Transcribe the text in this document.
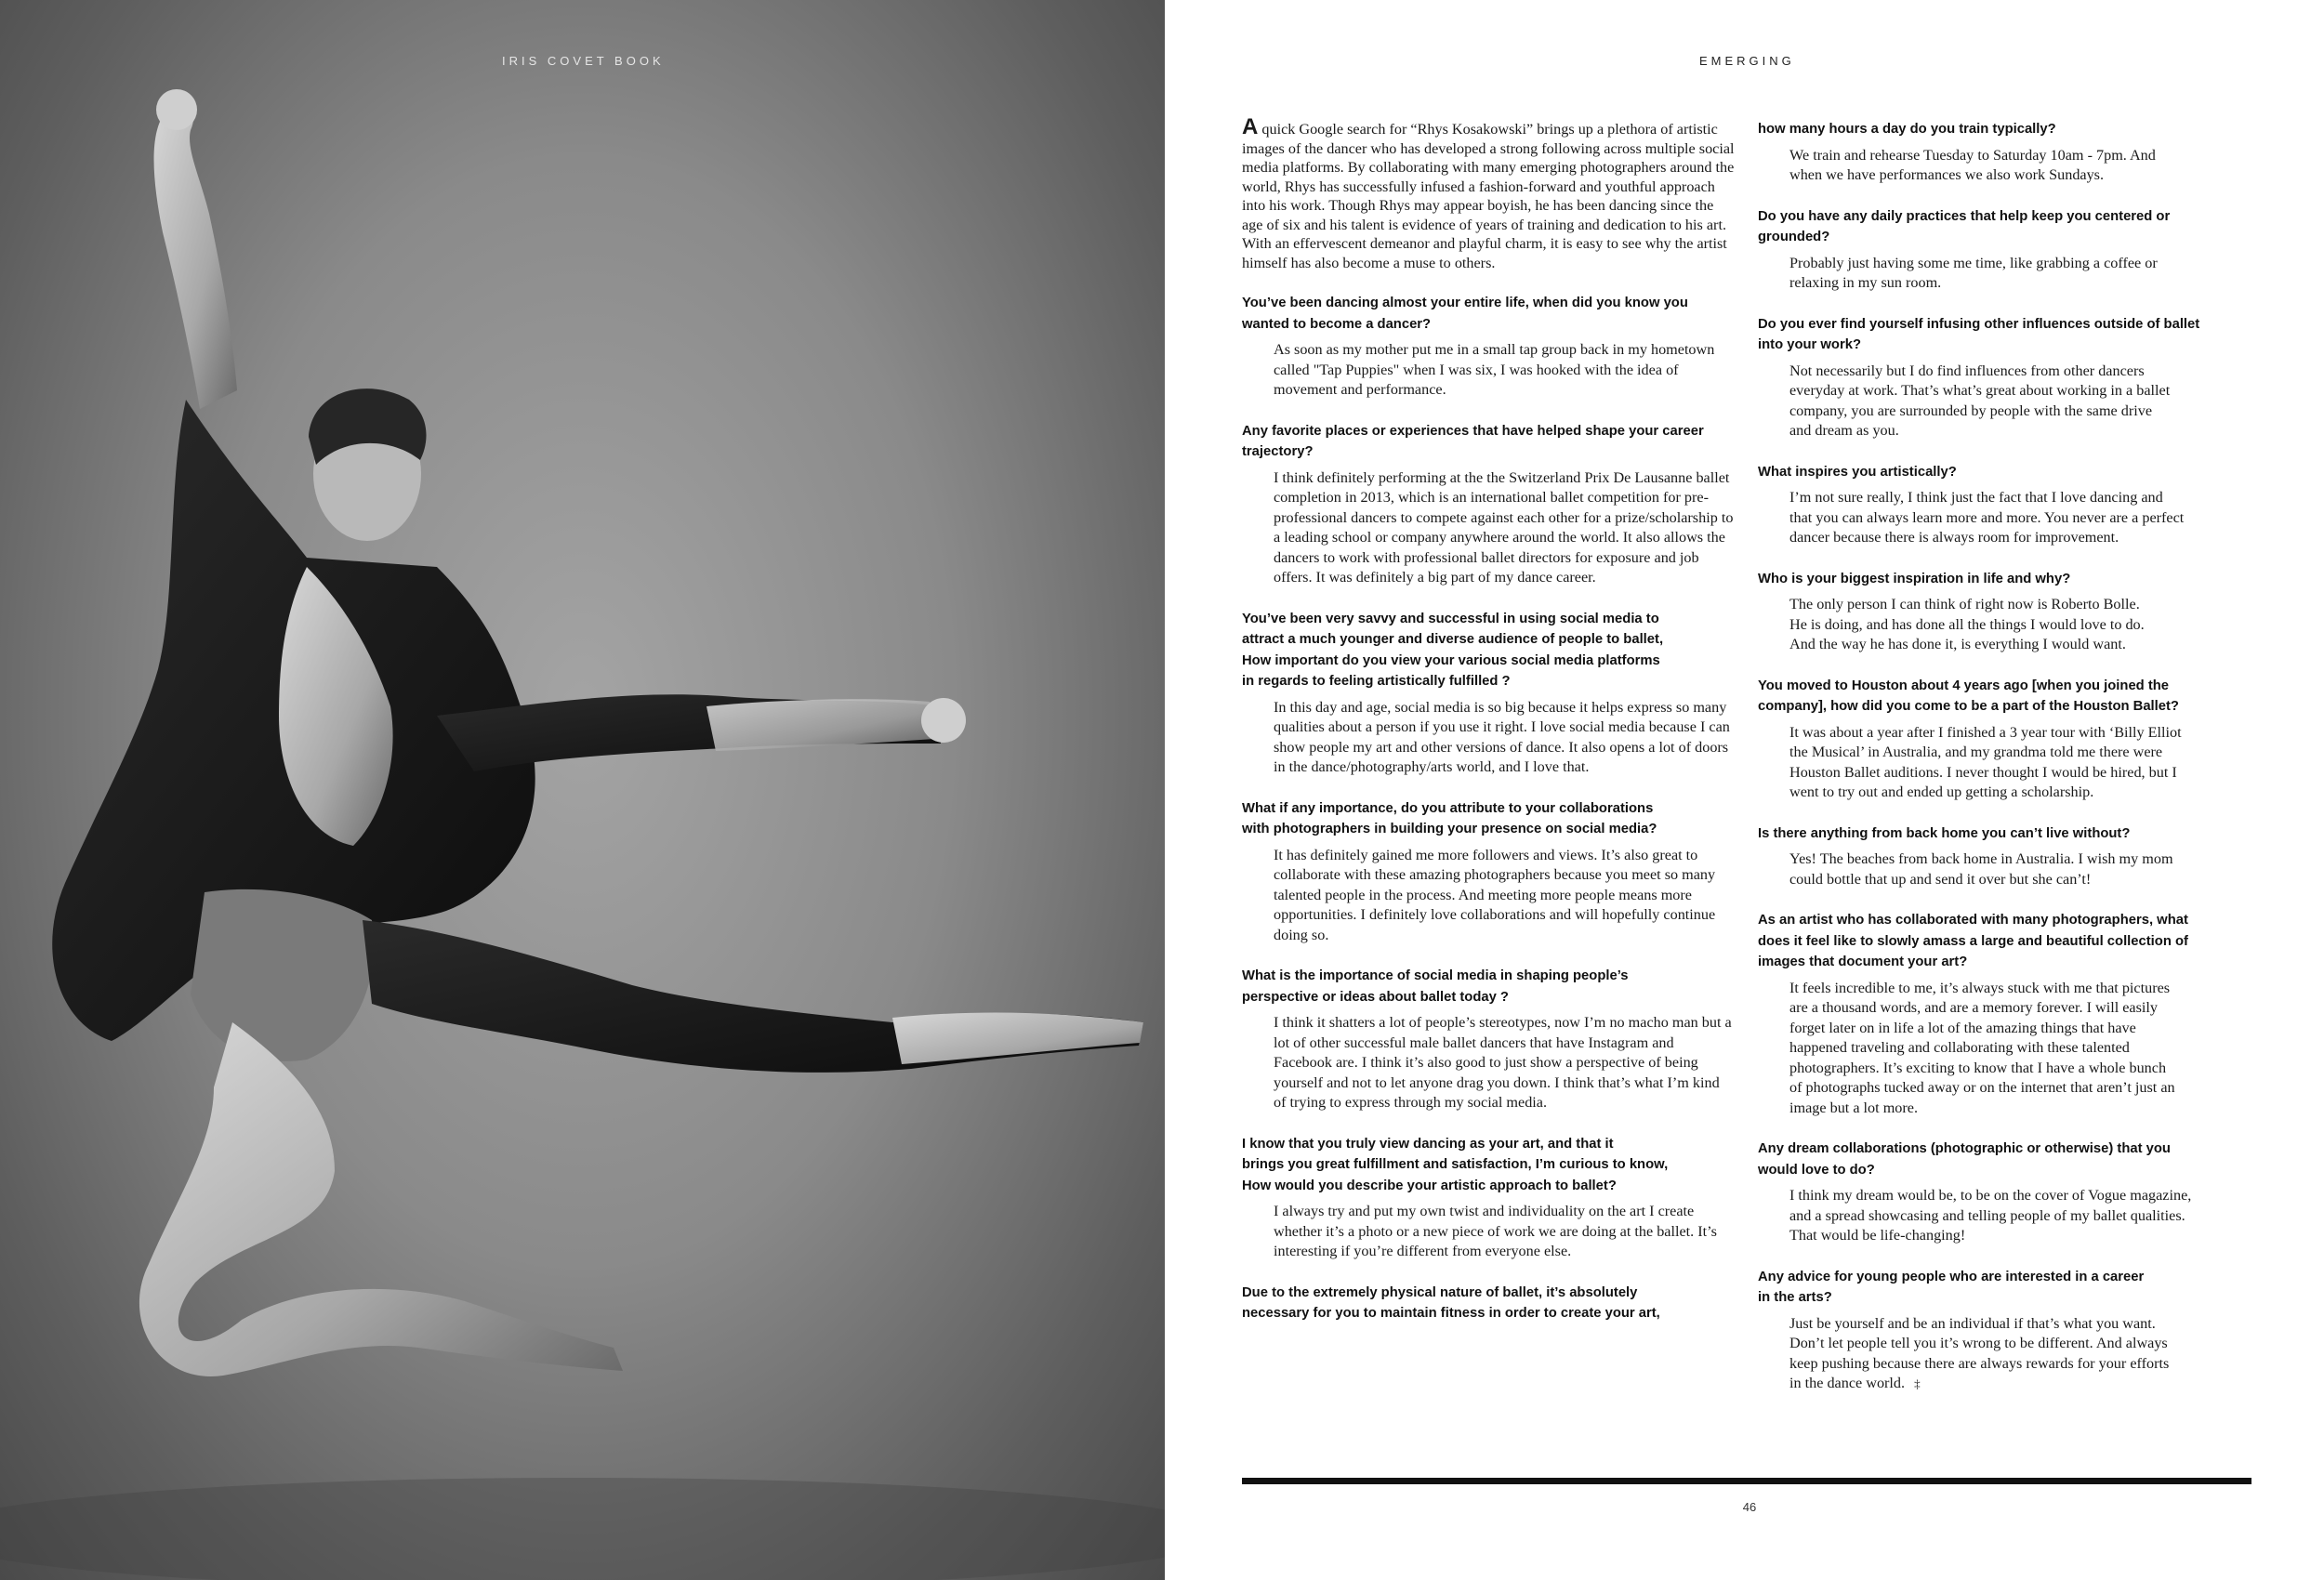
IRIS COVET BOOK	EMERGING

A quick Google search for “Rhys Kosakowski” brings up a plethora of artistic images of the dancer who has developed a strong following across multiple social media platforms. By collaborating with many emerging photographers around the world, Rhys has successfully infused a fashion-forward and youthful approach into his work. Though Rhys may appear boyish, he has been dancing since the age of six and his talent is evidence of years of training and dedication to his art. With an effervescent demeanor and playful charm, it is easy to see why the artist himself has also become a muse to others.

You’ve been dancing almost your entire life, when did you know you wanted to become a dancer?

As soon as my mother put me in a small tap group back in my hometown called "Tap Puppies" when I was six, I was hooked with the idea of movement and performance.

Any favorite places or experiences that have helped shape your career trajectory?

I think definitely performing at the the Switzerland Prix De Lausanne ballet completion in 2013, which is an international ballet competition for pre-professional dancers to compete against each other for a prize/scholarship to a leading school or company anywhere around the world. It also allows the dancers to work with professional ballet directors for exposure and job offers. It was definitely a big part of my dance career.

You’ve been very savvy and successful in using social media to
attract a much younger and diverse audience of people to ballet,
How important do you view your various social media platforms
in regards to feeling artistically fulfilled ?

In this day and age, social media is so big because it helps express so many qualities about a person if you use it right. I love social media because I can show people my art and other versions of dance. It also opens a lot of doors in the dance/photography/arts world, and I love that.

What if any importance, do you attribute to your collaborations
with photographers in building your presence on social media?

It has definitely gained me more followers and views. It’s also great to collaborate with these amazing photographers because you meet so many talented people in the process. And meeting more people means more opportunities. I definitely love collaborations and will hopefully continue doing so.

What is the importance of social media in shaping people’s
perspective or ideas about ballet today ?

I think it shatters a lot of people’s stereotypes, now I’m no macho man but a lot of other successful male ballet dancers that have Instagram and Facebook are. I think it’s also good to just show a perspective of being yourself and not to let anyone drag you down. I think that’s what I’m kind of trying to express through my social media.

I know that you truly view dancing as your art, and that it
brings you great fulfillment and satisfaction, I’m curious to know,
How would you describe your artistic approach to ballet?

I always try and put my own twist and individuality on the art I create whether it’s a photo or a new piece of work we are doing at the ballet. It’s interesting if you’re different from everyone else.

Due to the extremely physical nature of ballet, it’s absolutely
necessary for you to maintain fitness in order to create your art,

how many hours a day do you train typically?

We train and rehearse Tuesday to Saturday 10am - 7pm. And
when we have performances we also work Sundays.

Do you have any daily practices that help keep you centered or
grounded?

Probably just having some me time, like grabbing a coffee or
relaxing in my sun room.

Do you ever find yourself infusing other influences outside of ballet
into your work?

Not necessarily but I do find influences from other dancers
everyday at work. That’s what’s great about working in a ballet
company, you are surrounded by people with the same drive
and dream as you.

What inspires you artistically?

I’m not sure really, I think just the fact that I love dancing and
that you can always learn more and more. You never are a perfect
dancer because there is always room for improvement.

Who is your biggest inspiration in life and why?

The only person I can think of right now is Roberto Bolle.
He is doing, and has done all the things I would love to do.
And the way he has done it, is everything I would want.

You moved to Houston about 4 years ago [when you joined the
company], how did you come to be a part of the Houston Ballet?

It was about a year after I finished a 3 year tour with ‘Billy Elliot
the Musical’ in Australia, and my grandma told me there were
Houston Ballet auditions. I never thought I would be hired, but I
went to try out and ended up getting a scholarship.

Is there anything from back home you can’t live without?

Yes! The beaches from back home in Australia. I wish my mom
could bottle that up and send it over but she can’t!

As an artist who has collaborated with many photographers, what
does it feel like to slowly amass a large and beautiful collection of
images that document your art?

It feels incredible to me, it’s always stuck with me that pictures
are a thousand words, and are a memory forever. I will easily
forget later on in life a lot of the amazing things that have
happened traveling and collaborating with these talented
photographers. It’s exciting to know that I have a whole bunch
of photographs tucked away or on the internet that aren’t just an
image but a lot more.

Any dream collaborations (photographic or otherwise) that you
would love to do?

I think my dream would be, to be on the cover of Vogue magazine,
and a spread showcasing and telling people of my ballet qualities.
That would be life-changing!

Any advice for young people who are interested in a career
in the arts?

Just be yourself and be an individual if that’s what you want.
Don’t let people tell you it’s wrong to be different. And always
keep pushing because there are always rewards for your efforts
in the dance world. ‡

46
